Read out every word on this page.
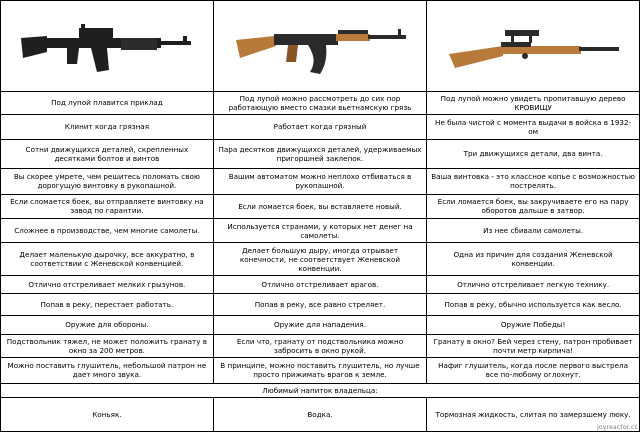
Под лупой плавится приклад	Под лупой можно рассмотреть до сих пор работающую вместо смазки вьетнамскую грязь	Под лупой можно увидеть пропитавшую дерево КРОВИЩУ
Клинит когда грязная	Работает когда грязный	Не была чистой с момента выдачи в войска в 1932-ом
Сотни движущихся деталей, скрепленных десятками болтов и винтов	Пара десятков движущихся деталей, удерживаемых пригоршней заклепок.	Три движущихся детали, два винта.
Вы скорее умрете, чем решитесь поломать свою дорогущую винтовку в рукопашной.	Вашим автоматом можно неплохо отбиваться в рукопашной.	Ваша винтовка - это классное копье с возможностью пострелять.
Если сломается боек, вы отправляете винтовку на завод по гарантии.	Если ломается боек, вы вставляете новый.	Если ломается боек, вы закручиваете его на пару оборотов дальше в затвор.
Сложнее в производстве, чем многие самолеты.	Используется странами, у которых нет денег на самолеты.	Из нее сбивали самолеты.
Делает маленькую дырочку, все аккуратно, в соответствии с Женевской конвенцией.	Делает большую дыру, иногда отрывает конечности, не соответствует Женевской конвенции.	Одна из причин для создания Женевской конвенции.
Отлично отстреливает мелких грызунов.	Отлично отстреливает врагов.	Отлично отстреливает легкую технику.
Попав в реку, перестает работать.	Попав в реку, все равно стреляет.	Попав в реку, обычно используется как весло.
Оружие для обороны.	Оружие для нападения.	Оружие Победы!
Подствольник тяжел, не может положить гранату в окно за 200 метров.	Если что, гранату от подствольника можно забросить в окно рукой.	Гранату в окно? Бей через стену, патрон пробивает почти метр кирпича!
Можно поставить глушитель, небольшой патрон не дает много звука.	В принципе, можно поставить глушитель, но лучше просто прижимать врагов к земле.	Нафиг глушитель, когда после первого выстрела все по-любому оглохнут.
Любимый напиток владельца:		
Коньяк.	Водка.	Тормозная жидкость, слитая по замерзшему люку.
joyreactor.cc
